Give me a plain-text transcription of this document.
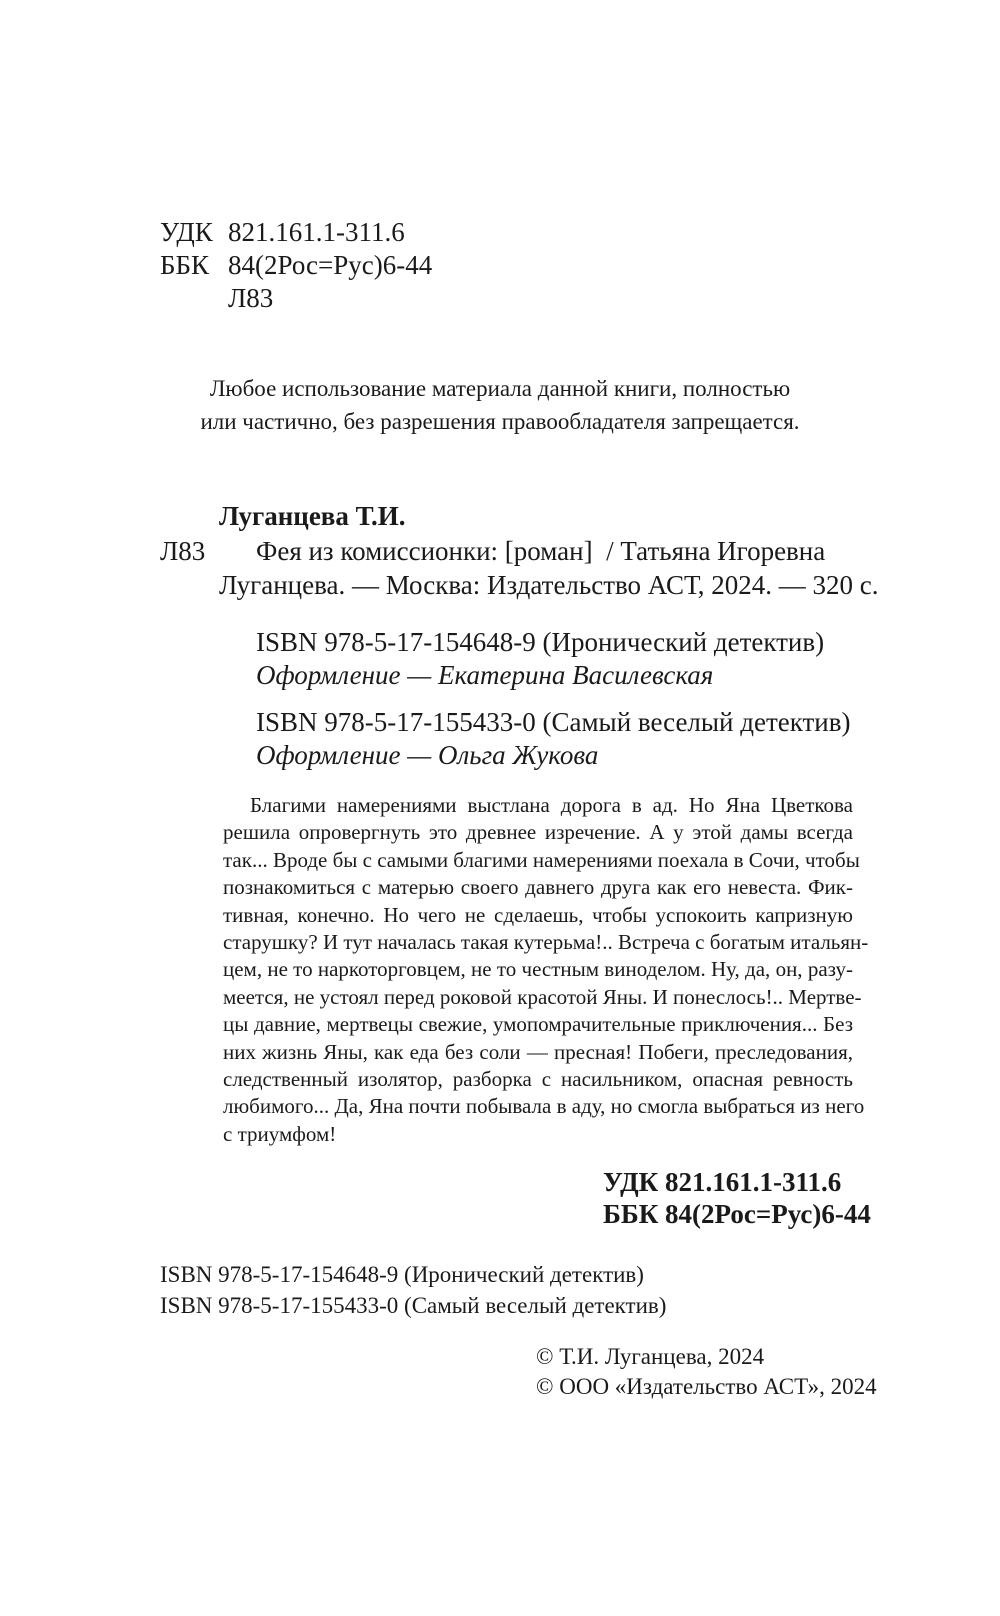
УДК 821.161.1-311.6
ББК 84(2Рос=Рус)6-44
Л83
Любое использование материала данной книги, полностью
или частично, без разрешения правообладателя запрещается.
Луганцева Т.И.
Л83 Фея из комиссионки: [роман]  / Татьяна Игоревна
Луганцева. — Москва: Издательство АСТ, 2024. — 320 с.
ISBN 978-5-17-154648-9 (Иронический детектив)
Оформление — Екатерина Василевская
ISBN 978-5-17-155433-0 (Самый веселый детектив)
Оформление — Ольга Жукова
Благими намерениями выстлана дорога в ад. Но Яна Цветкова
решила опровергнуть это древнее изречение. А у этой дамы всегда
так... Вроде бы с самыми благими намерениями поехала в Сочи, чтобы
познакомиться с матерью своего давнего друга как его невеста. Фик-
тивная, конечно. Но чего не сделаешь, чтобы успокоить капризную
старушку? И тут началась такая кутерьма!.. Встреча с богатым итальян-
цем, не то наркоторговцем, не то честным виноделом. Ну, да, он, разу-
меется, не устоял перед роковой красотой Яны. И понеслось!.. Мертве-
цы давние, мертвецы свежие, умопомрачительные приключения... Без
них жизнь Яны, как еда без соли — пресная! Побеги, преследования,
следственный изолятор, разборка с насильником, опасная ревность
любимого... Да, Яна почти побывала в аду, но смогла выбраться из него
с триумфом!
УДК 821.161.1-311.6
ББК 84(2Рос=Рус)6-44
ISBN 978-5-17-154648-9 (Иронический детектив)
ISBN 978-5-17-155433-0 (Самый веселый детектив)
© Т.И. Луганцева, 2024
© ООО «Издательство АСТ», 2024
